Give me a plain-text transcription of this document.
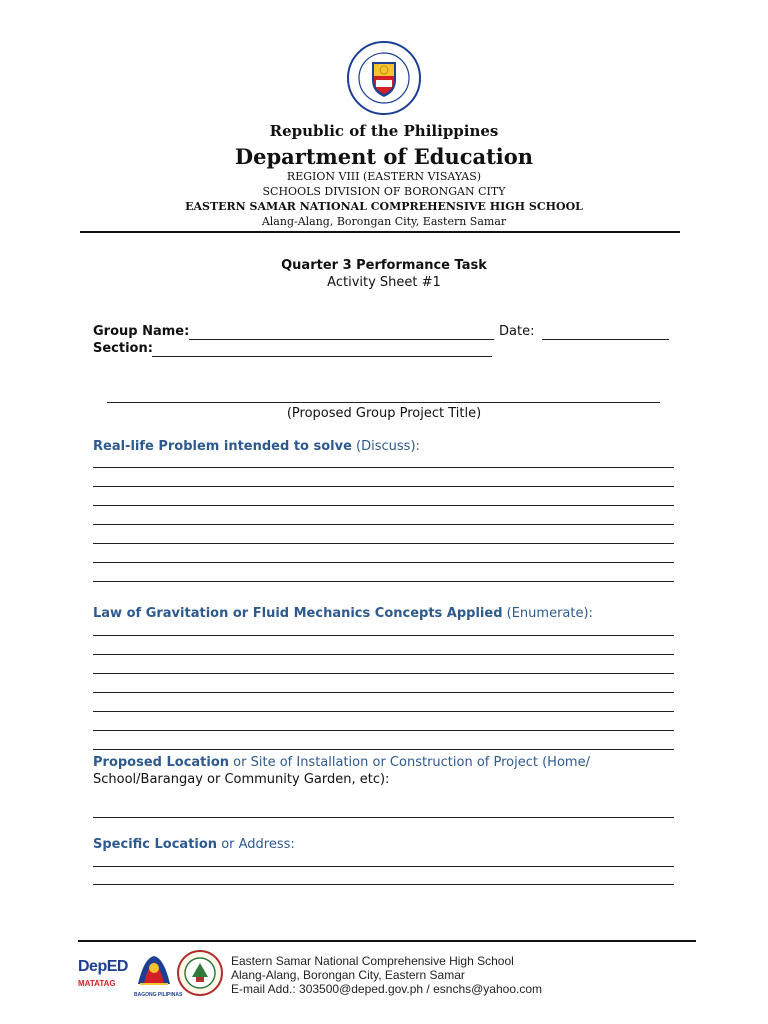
Republic of the Philippines
Department of Education
REGION VIII (EASTERN VISAYAS)
SCHOOLS DIVISION OF BORONGAN CITY
EASTERN SAMAR NATIONAL COMPREHENSIVE HIGH SCHOOL
Alang-Alang, Borongan City, Eastern Samar
Quarter 3 Performance Task
Activity Sheet #1
Group Name:	Date:
Section:
(Proposed Group Project Title)
Real-life Problem intended to solve (Discuss):
Law of Gravitation or Fluid Mechanics Concepts Applied (Enumerate):
Proposed Location or Site of Installation or Construction of Project (Home/
School/Barangay or Community Garden, etc):
Specific Location or Address:
DepED
MATATAG
BAGONG PILIPINAS
Eastern Samar National Comprehensive High School
Alang-Alang, Borongan City, Eastern Samar
E-mail Add.: 303500@deped.gov.ph / esnchs@yahoo.com
